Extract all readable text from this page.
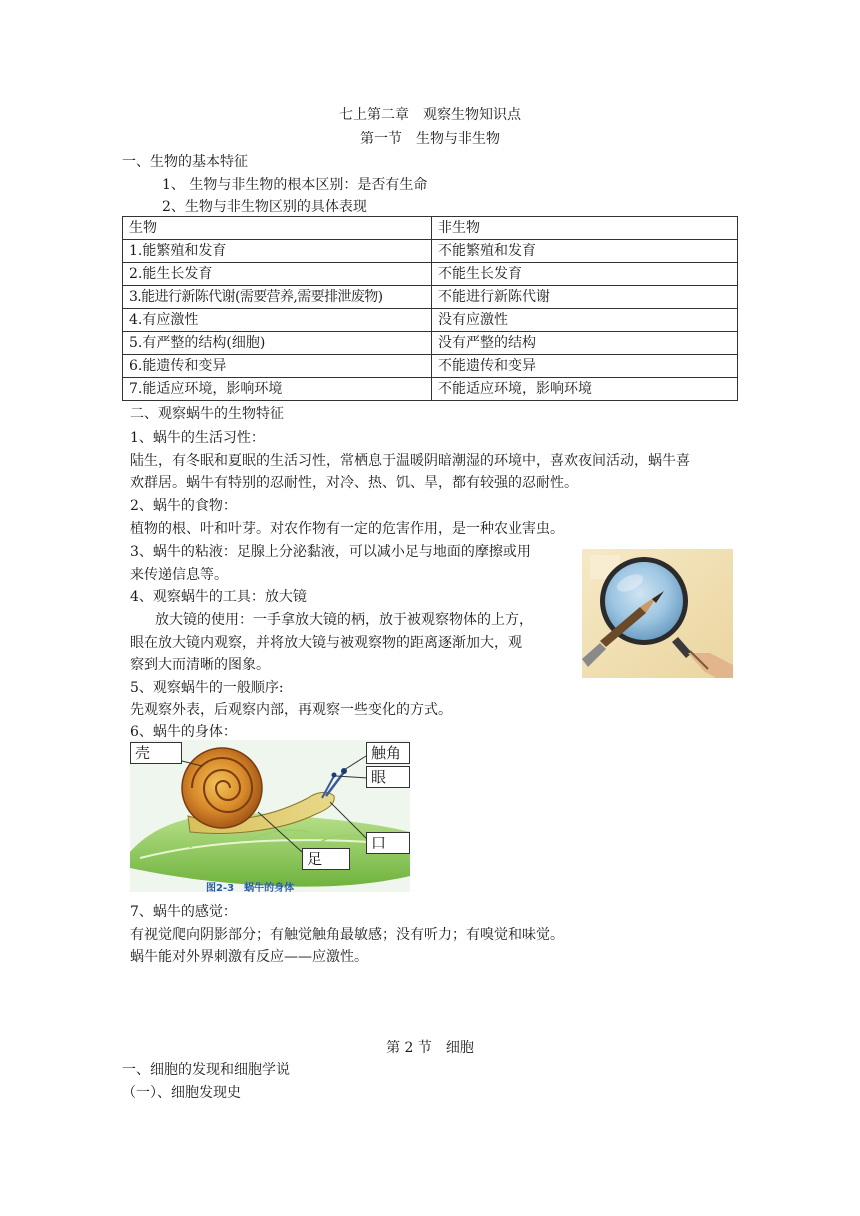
七上第二章　观察生物知识点
第一节　生物与非生物
一、生物的基本特征
1、 生物与非生物的根本区别：是否有生命
2、生物与非生物区别的具体表现
生物	非生物
1.能繁殖和发育	不能繁殖和发育
2.能生长发育	不能生长发育
3.能进行新陈代谢(需要营养,需要排泄废物)	不能进行新陈代谢
4.有应激性	没有应激性
5.有严整的结构(细胞)	没有严整的结构
6.能遗传和变异	不能遗传和变异
7.能适应环境，影响环境	不能适应环境，影响环境
二、观察蜗牛的生物特征
1、蜗牛的生活习性：
陆生，有冬眠和夏眠的生活习性，常栖息于温暖阴暗潮湿的环境中，喜欢夜间活动，蜗牛喜
欢群居。蜗牛有特别的忍耐性，对冷、热、饥、旱，都有较强的忍耐性。
2、蜗牛的食物：
植物的根、叶和叶芽。对农作物有一定的危害作用，是一种农业害虫。
3、蜗牛的粘液：足腺上分泌黏液，可以减小足与地面的摩擦或用
来传递信息等。
4、观察蜗牛的工具：放大镜
放大镜的使用：一手拿放大镜的柄，放于被观察物体的上方，
眼在放大镜内观察，并将放大镜与被观察物的距离逐渐加大，观
察到大而清晰的图象。
5、观察蜗牛的一般顺序:
先观察外表，后观察内部，再观察一些变化的方式。
6、蜗牛的身体：
壳	触角
眼
口
足
图2-3　蜗牛的身体
7、蜗牛的感觉：
有视觉爬向阴影部分；有触觉触角最敏感；没有听力；有嗅觉和味觉。
蜗牛能对外界刺激有反应——应激性。
第 2 节　细胞
一、细胞的发现和细胞学说
（一）、细胞发现史
